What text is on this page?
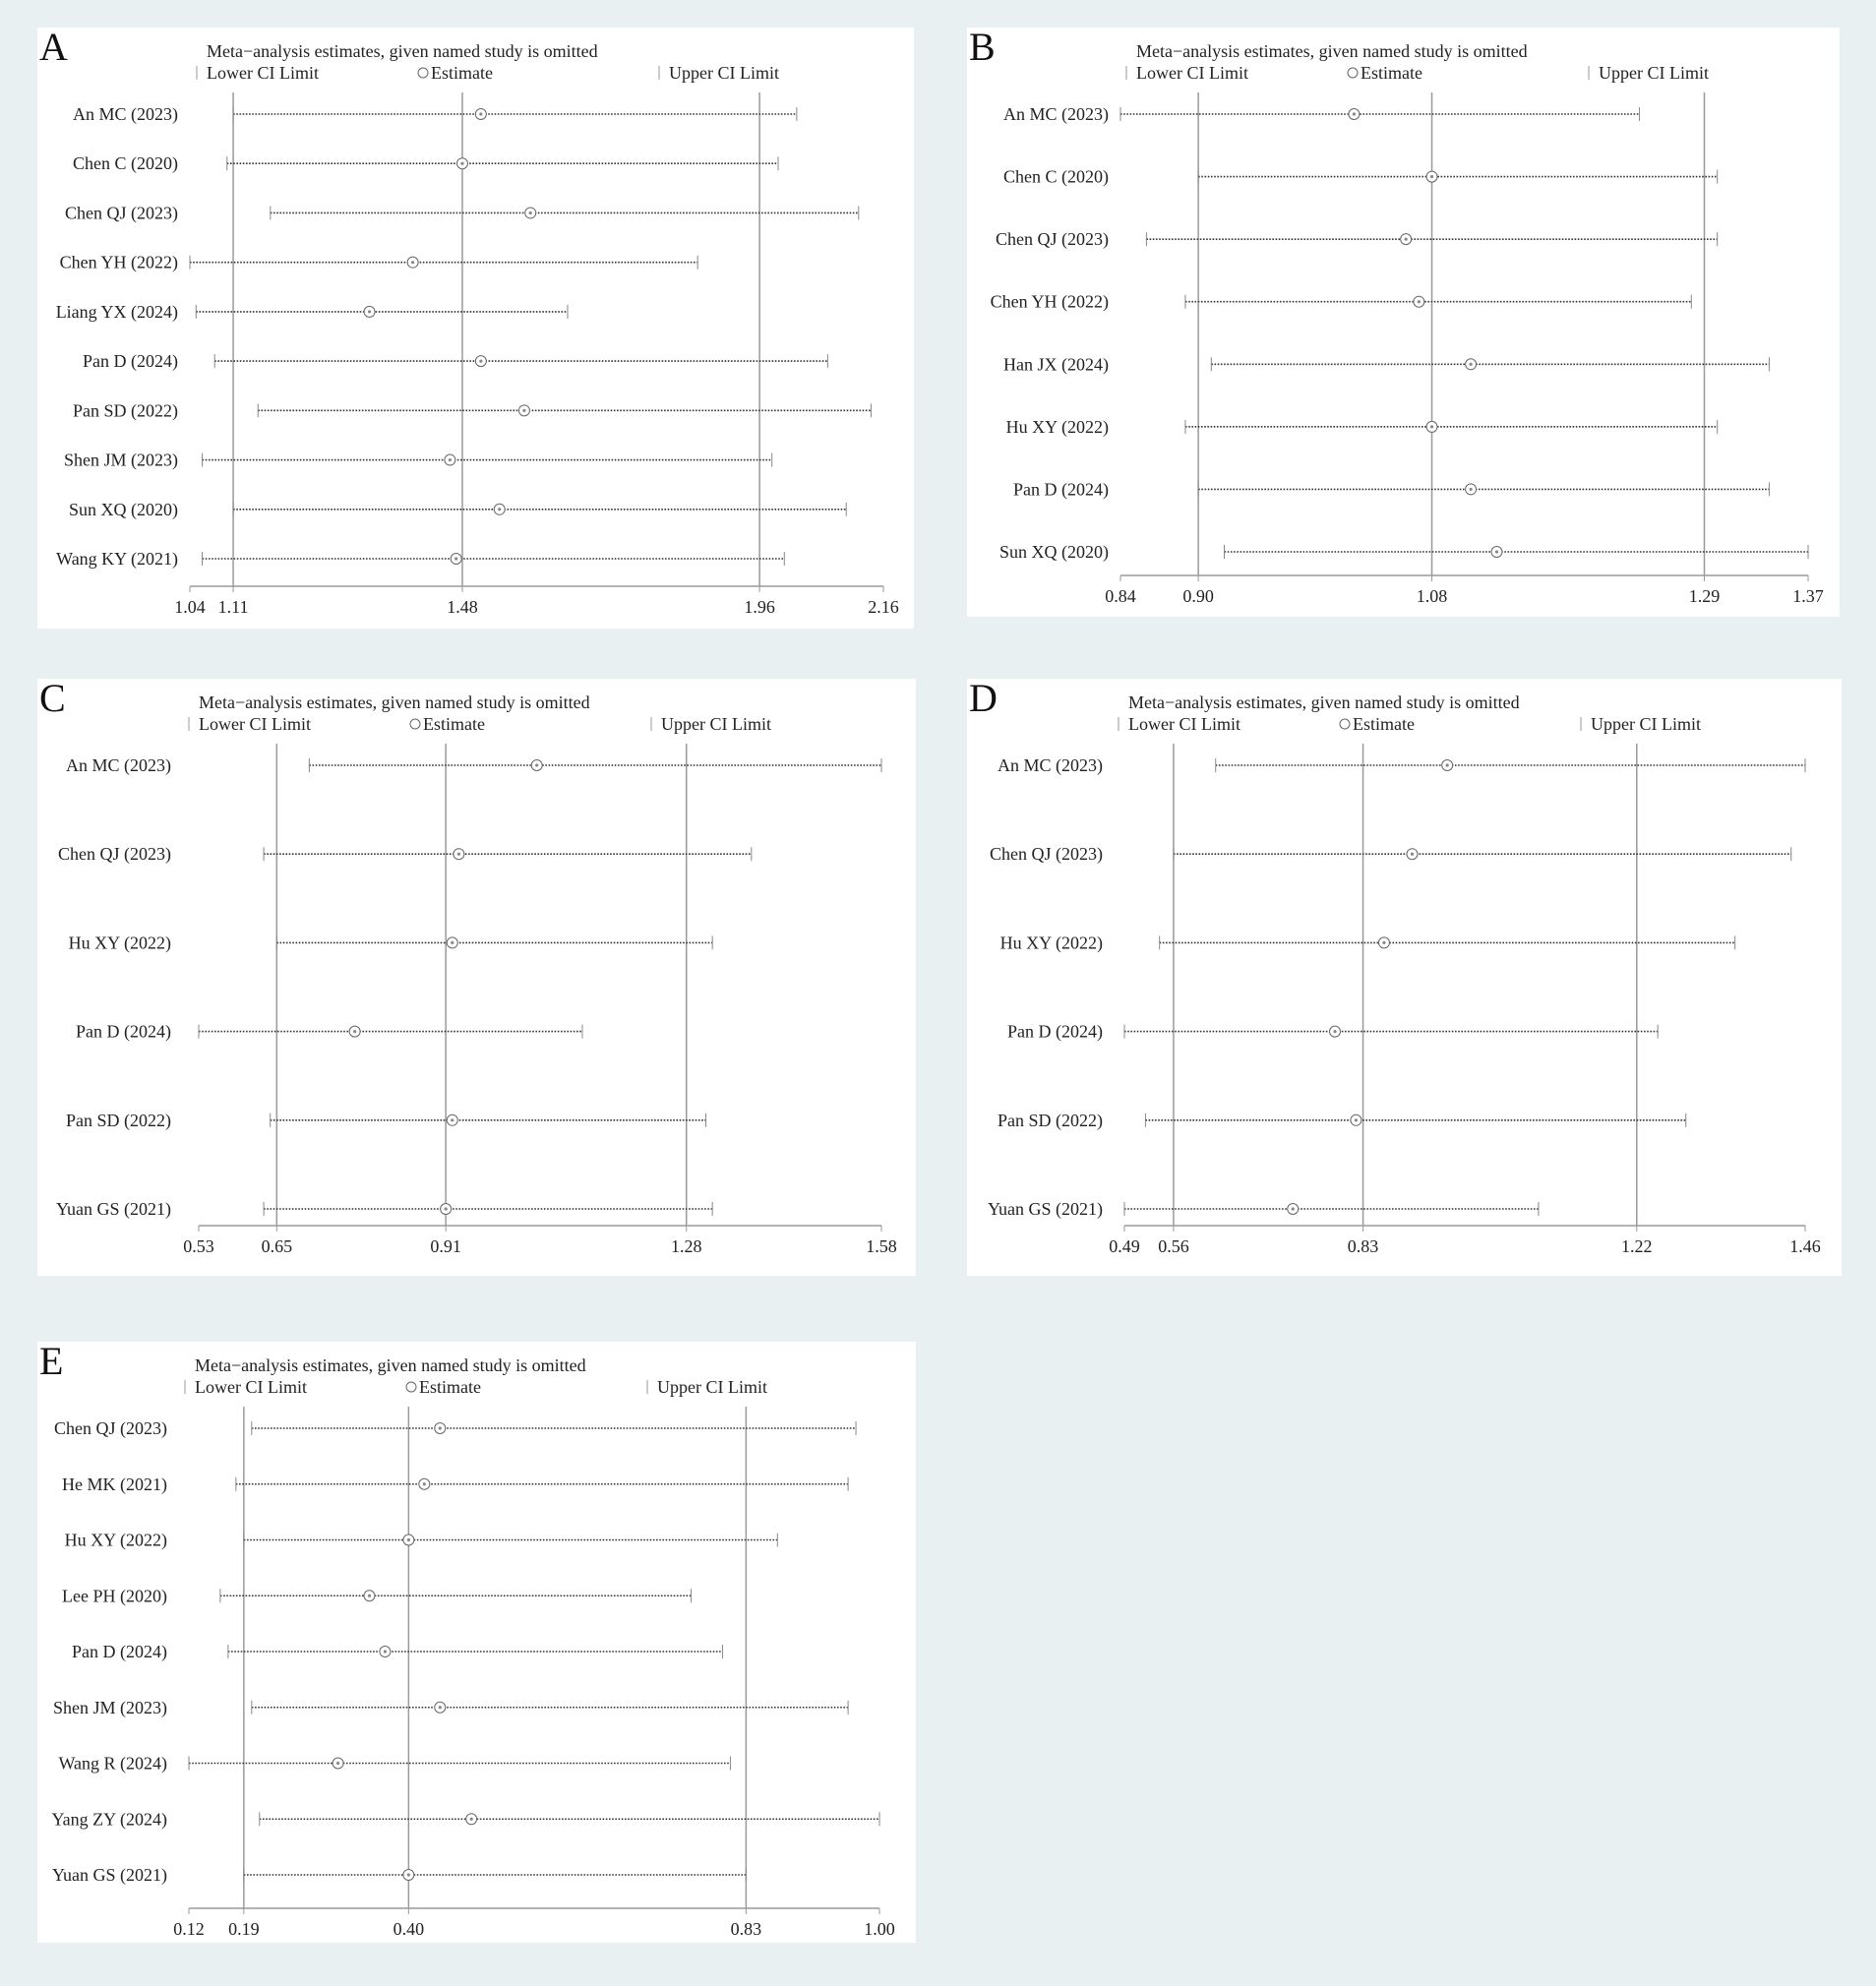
A	Meta−analysis estimates, given named study is omitted
Lower CI Limit	Estimate	Upper CI Limit
1.04 1.11	1.48	1.96	2.16
An MC (2023)
Chen C (2020)
Chen QJ (2023)
Chen YH (2022)
Liang YX (2024)
Pan D (2024)
Pan SD (2022)
Shen JM (2023)
Sun XQ (2020)
Wang KY (2021)
B	Meta−analysis estimates, given named study is omitted
Lower CI Limit	Estimate	Upper CI Limit
0.84	0.90	1.08	1.29	1.37
An MC (2023)
Chen C (2020)
Chen QJ (2023)
Chen YH (2022)
Han JX (2024)
Hu XY (2022)
Pan D (2024)
Sun XQ (2020)
C	Meta−analysis estimates, given named study is omitted
Lower CI Limit	Estimate	Upper CI Limit
0.53	0.65	0.91	1.28	1.58
An MC (2023)
Chen QJ (2023)
Hu XY (2022)
Pan D (2024)
Pan SD (2022)
Yuan GS (2021)
D	Meta−analysis estimates, given named study is omitted
Lower CI Limit	Estimate	Upper CI Limit
0.49 0.56	0.83	1.22	1.46
An MC (2023)
Chen QJ (2023)
Hu XY (2022)
Pan D (2024)
Pan SD (2022)
Yuan GS (2021)
E	Meta−analysis estimates, given named study is omitted
Lower CI Limit	Estimate	Upper CI Limit
0.12 0.19	0.40	0.83	1.00
Chen QJ (2023)
He MK (2021)
Hu XY (2022)
Lee PH (2020)
Pan D (2024)
Shen JM (2023)
Wang R (2024)
Yang ZY (2024)
Yuan GS (2021)
